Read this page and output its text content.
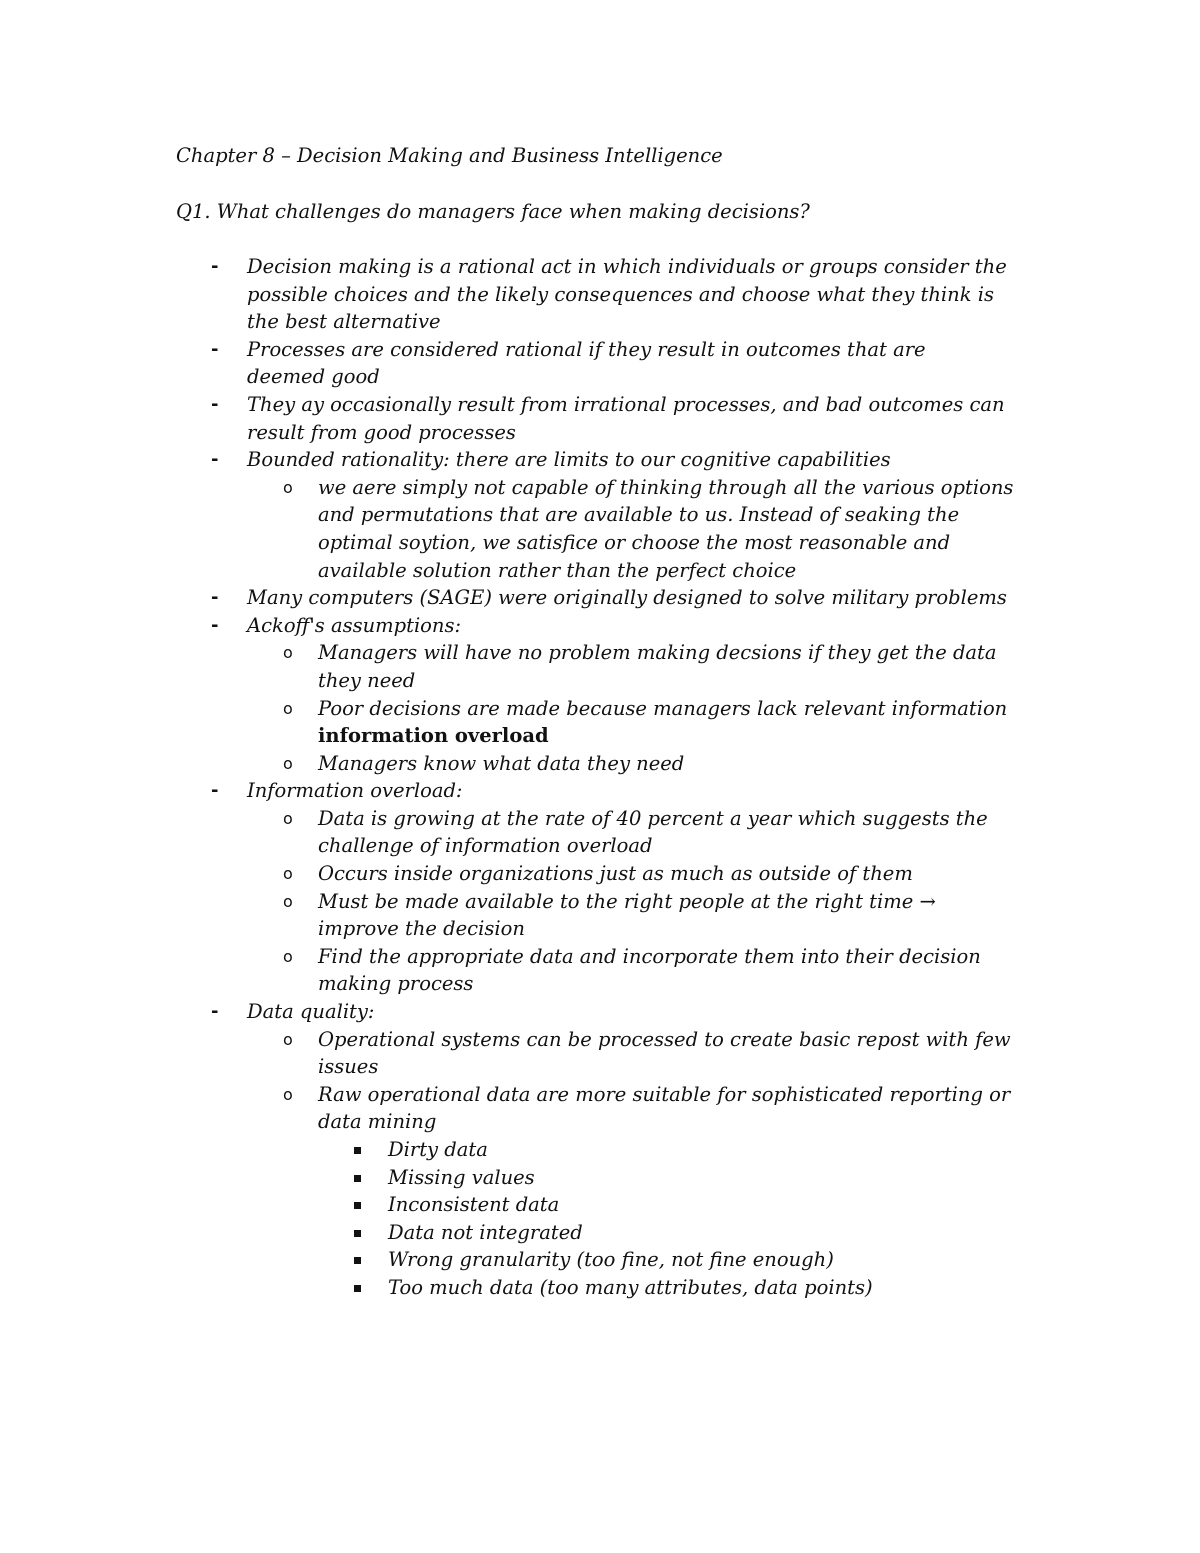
Chapter 8 – Decision Making and Business Intelligence
Q1. What challenges do managers face when making decisions?
- Decision making is a rational act in which individuals or groups consider the possible choices and the likely consequences and choose what they think is the best alternative
- Processes are considered rational if they result in outcomes that are deemed good
- They ay occasionally result from irrational processes, and bad outcomes can result from good processes
- Bounded rationality: there are limits to our cognitive capabilities
o we aere simply not capable of thinking through all the various options and permutations that are available to us. Instead of seaking the optimal soytion, we satisfice or choose the most reasonable and available solution rather than the perfect choice
- Many computers (SAGE) were originally designed to solve military problems
- Ackoff's assumptions:
o Managers will have no problem making decsions if they get the data they need
o Poor decisions are made because managers lack relevant information
information overload
o Managers know what data they need
- Information overload:
o Data is growing at the rate of 40 percent a year which suggests the challenge of information overload
o Occurs inside organizations just as much as outside of them
o Must be made available to the right people at the right time → improve the decision
o Find the appropriate data and incorporate them into their decision making process
- Data quality:
o Operational systems can be processed to create basic repost with few issues
o Raw operational data are more suitable for sophisticated reporting or data mining
Dirty data
Missing values
Inconsistent data
Data not integrated
Wrong granularity (too fine, not fine enough)
Too much data (too many attributes, data points)
